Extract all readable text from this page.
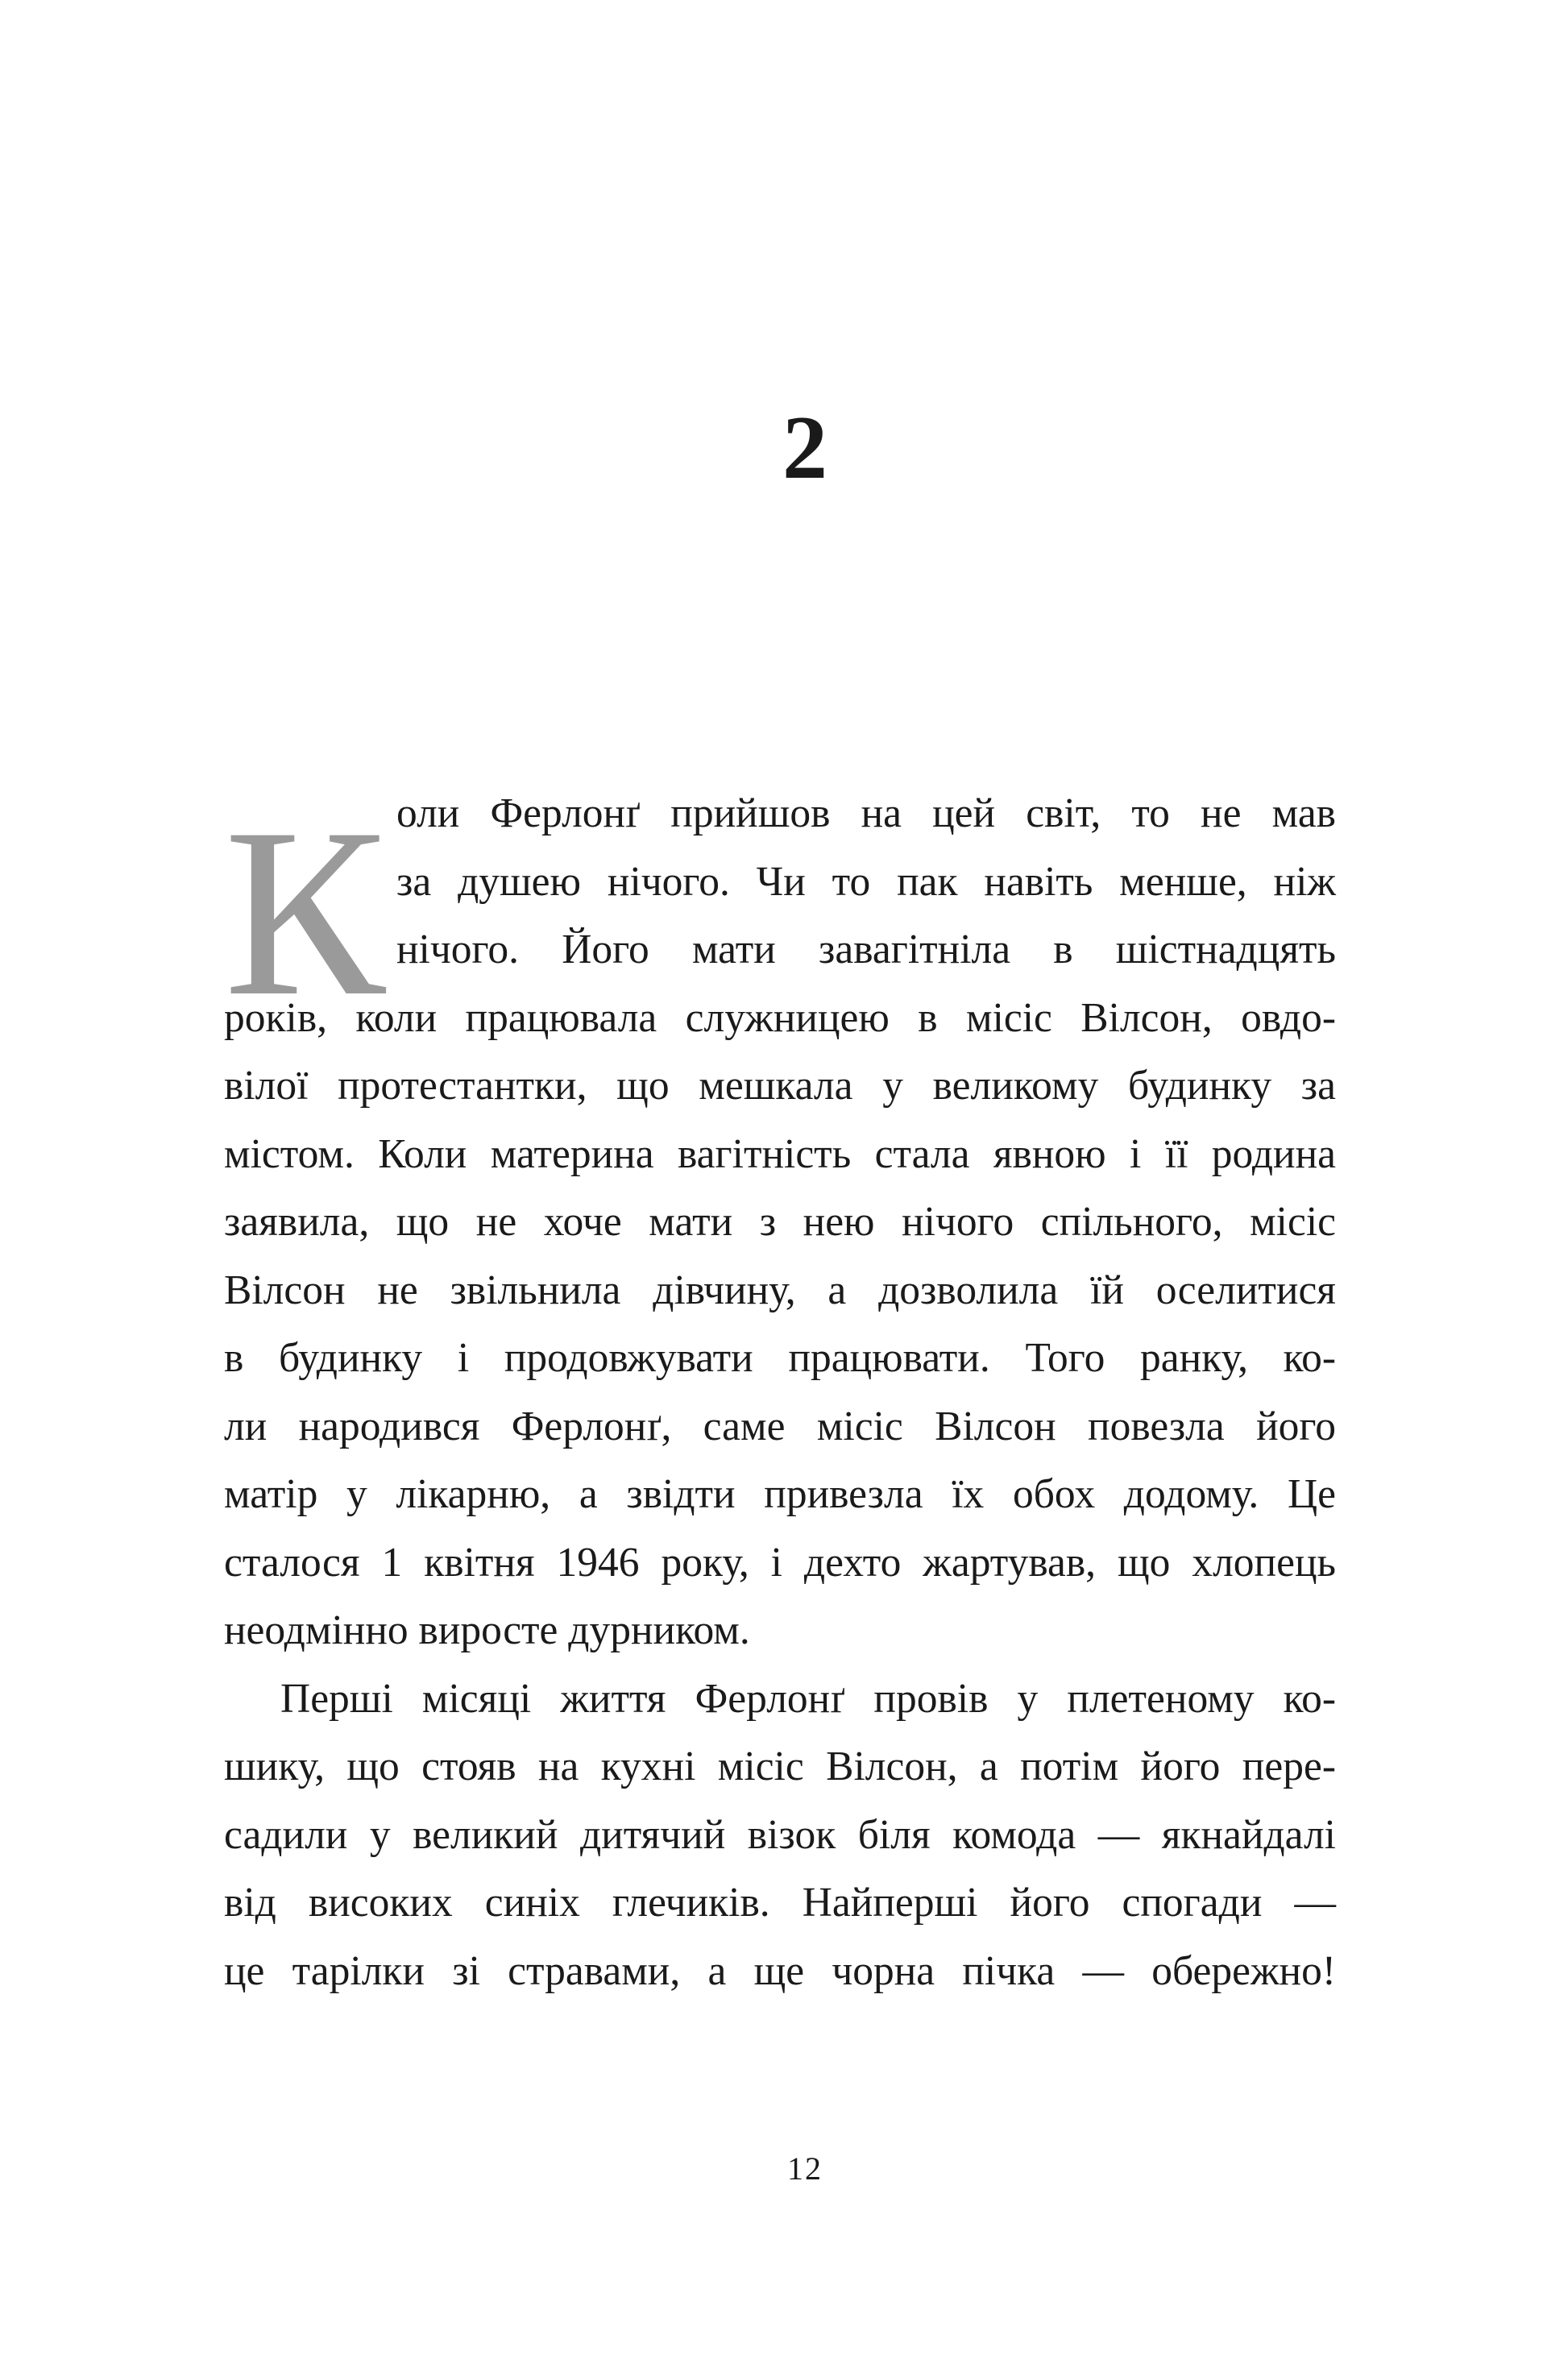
2
К оли Ферлонґ прийшов на цей світ, то не мав
за душею нічого. Чи то пак навіть менше, ніж
нічого. Його мати завагітніла в шістнадцять
років, коли працювала служницею в місіс Вілсон, овдо-
вілої протестантки, що мешкала у великому будинку за
містом. Коли материна вагітність стала явною і її родина
заявила, що не хоче мати з нею нічого спільного, місіс
Вілсон не звільнила дівчину, а дозволила їй оселитися
в будинку і продовжувати працювати. Того ранку, ко-
ли народився Ферлонґ, саме місіс Вілсон повезла його
матір у лікарню, а звідти привезла їх обох додому. Це
сталося 1 квітня 1946 року, і дехто жартував, що хлопець
неодмінно виросте дурником.
Перші місяці життя Ферлонґ провів у плетеному ко-
шику, що стояв на кухні місіс Вілсон, а потім його пере-
садили у великий дитячий візок біля комода — якнайдалі
від високих синіх глечиків. Найперші його спогади —
це тарілки зі стравами, а ще чорна пічка — обережно!
12
